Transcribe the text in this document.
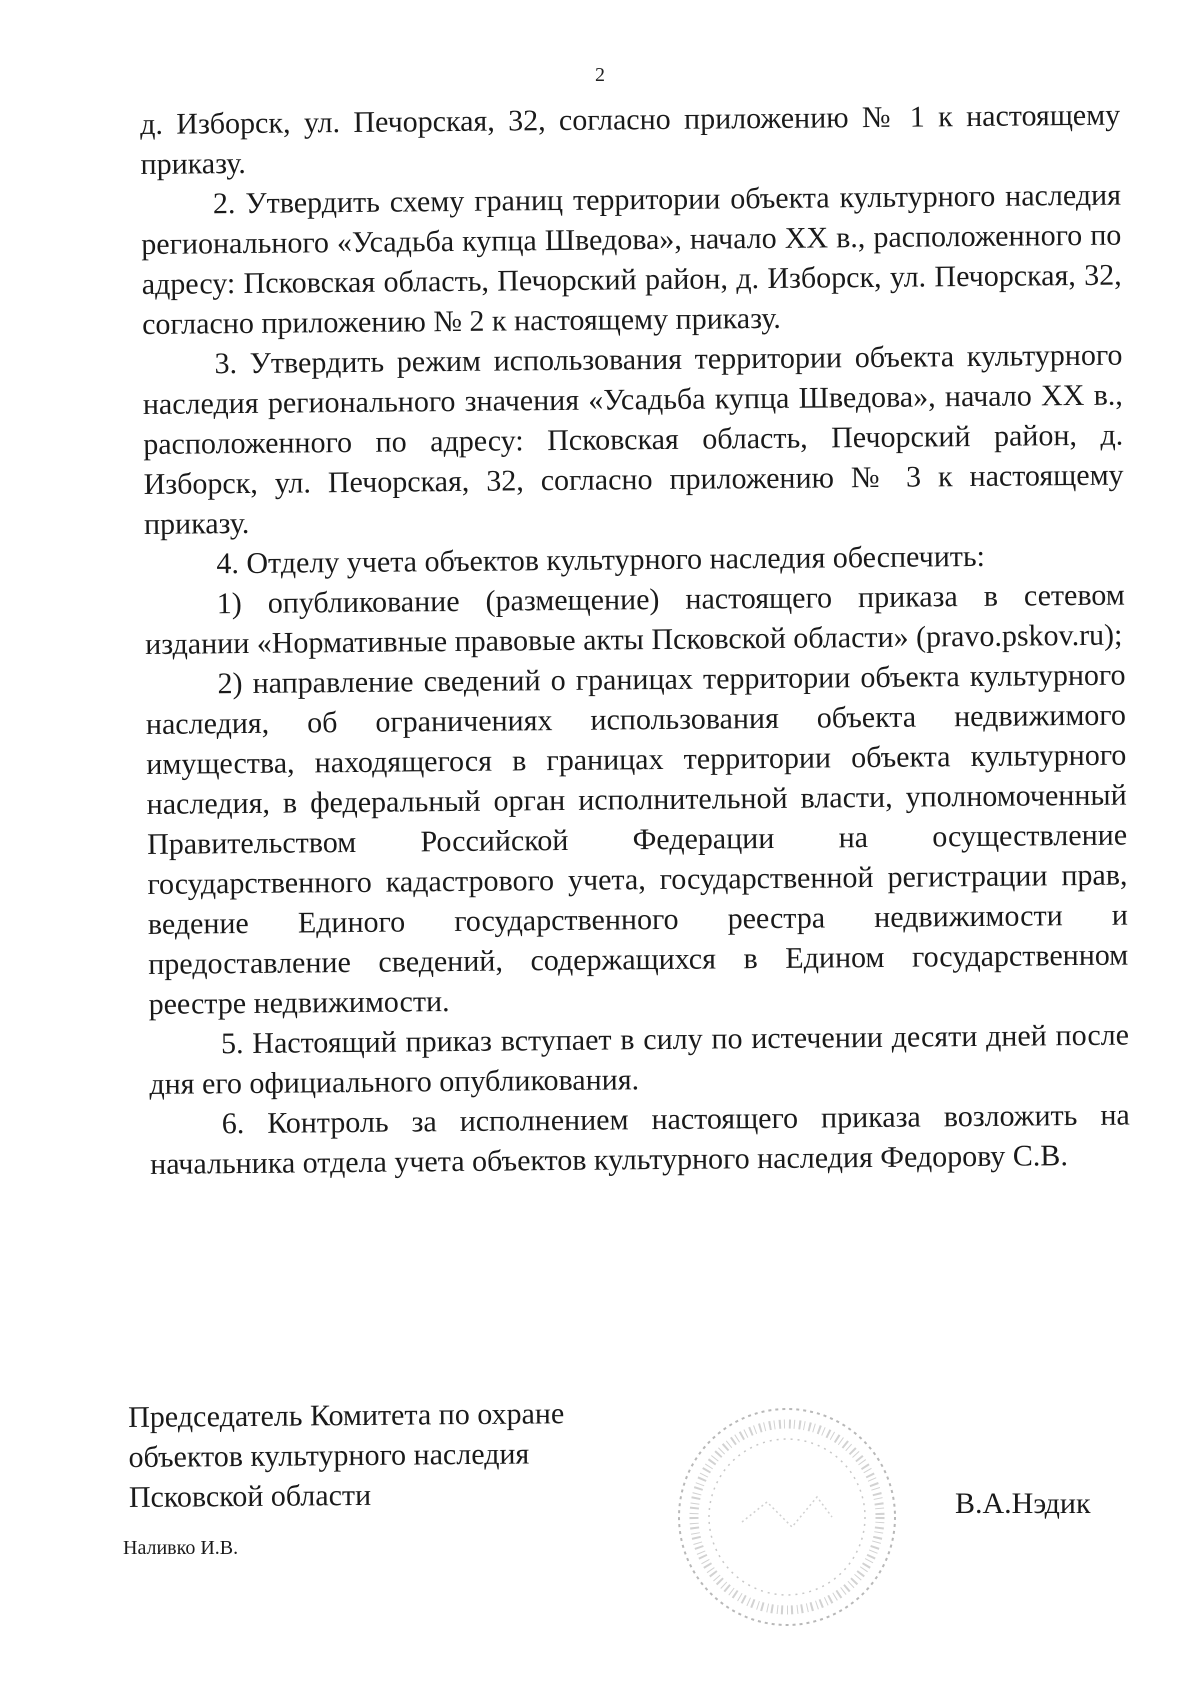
2

д. Изборск, ул. Печорская, 32, согласно приложению № 1 к настоящему приказу.

2. Утвердить схему границ территории объекта культурного наследия регионального «Усадьба купца Шведова», начало XX в., расположенного по адресу: Псковская область, Печорский район, д. Изборск, ул. Печорская, 32, согласно приложению № 2 к настоящему приказу.

3. Утвердить режим использования территории объекта культурного наследия регионального значения «Усадьба купца Шведова», начало XX в., расположенного по адресу: Псковская область, Печорский район, д. Изборск, ул. Печорская, 32, согласно приложению № 3 к настоящему приказу.

4. Отделу учета объектов культурного наследия обеспечить:

1) опубликование (размещение) настоящего приказа в сетевом издании «Нормативные правовые акты Псковской области» (pravo.pskov.ru);

2) направление сведений о границах территории объекта культурного наследия, об ограничениях использования объекта недвижимого имущества, находящегося в границах территории объекта культурного наследия, в федеральный орган исполнительной власти, уполномоченный Правительством Российской Федерации на осуществление государственного кадастрового учета, государственной регистрации прав, ведение Единого государственного реестра недвижимости и предоставление сведений, содержащихся в Едином государственном реестре недвижимости.

5. Настоящий приказ вступает в силу по истечении десяти дней после дня его официального опубликования.

6. Контроль за исполнением настоящего приказа возложить на начальника отдела учета объектов культурного наследия Федорову С.В.

Председатель Комитета по охране
объектов культурного наследия
Псковской области	В.А.Нэдик
Наливко И.В.
